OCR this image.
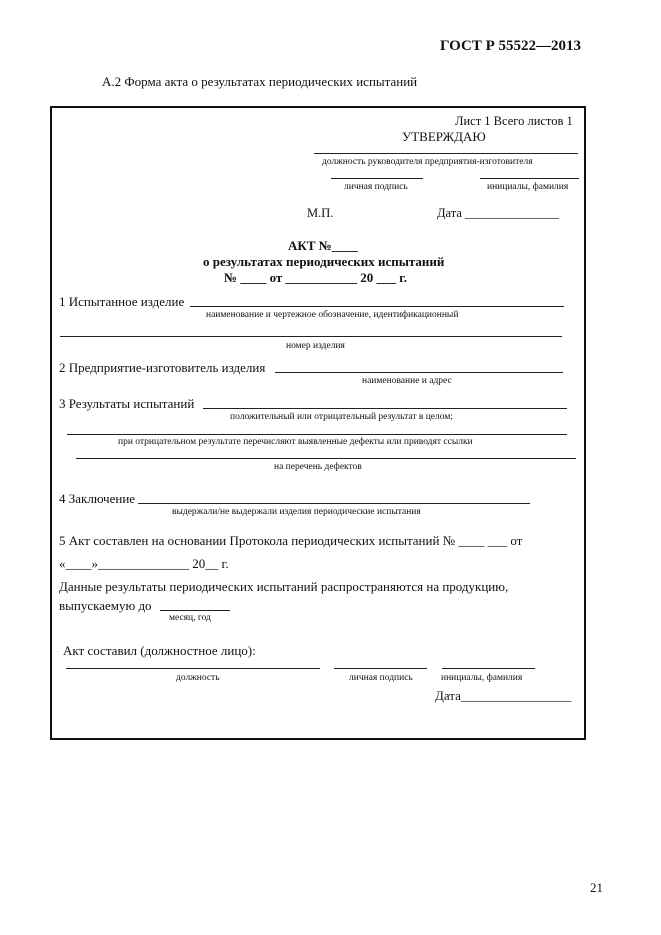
ГОСТ Р 55522—2013
А.2 Форма акта о результатах периодических испытаний
Лист 1 Всего листов 1
УТВЕРЖДАЮ
должность руководителя предприятия-изготовителя
личная подпись	инициалы, фамилия
М.П.	Дата _______________
АКТ №____
о результатах периодических испытаний
№ ____ от ___________ 20 ___ г.
1 Испытанное изделие
наименование и чертежное обозначение, идентификационный
номер изделия
2 Предприятие-изготовитель изделия
наименование и адрес
3 Результаты испытаний
положительный или отрицательный результат в целом;
при отрицательном результате перечисляют выявленные дефекты или приводят ссылки
на перечень дефектов
4 Заключение
выдержали/не выдержали изделия периодические испытания
5 Акт составлен на основании Протокола периодических испытаний № ____ ___ от
«____»______________ 20__ г.
Данные результаты периодических испытаний распространяются на продукцию,
выпускаемую до
месяц, год
Акт составил (должностное лицо):
должность	личная подпись	инициалы, фамилия
Дата_________________
21
